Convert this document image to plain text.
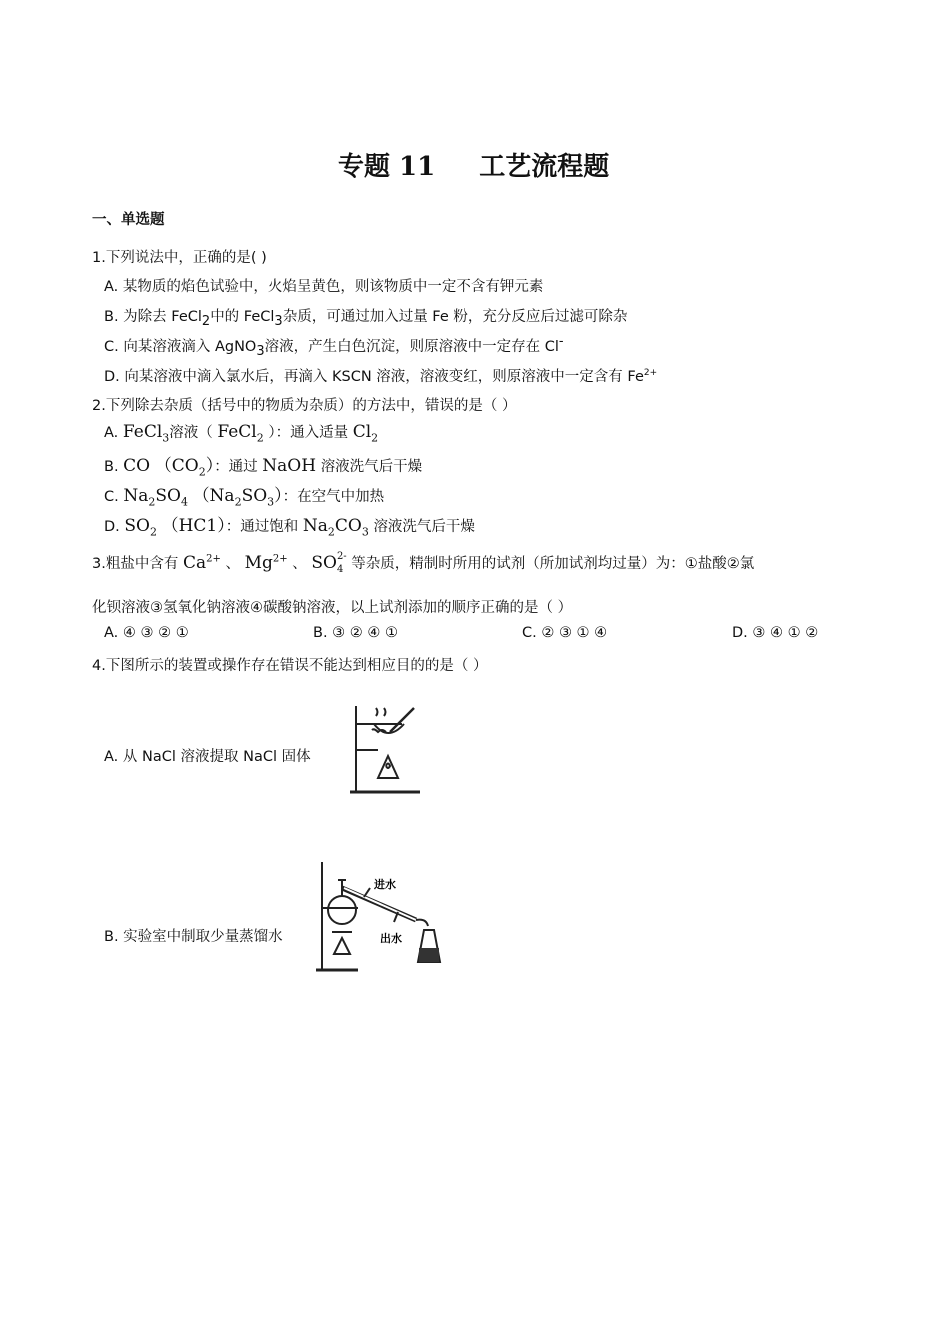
专题 11 工艺流程题
一、单选题
1.下列说法中，正确的是( )
A. 某物质的焰色试验中，火焰呈黄色，则该物质中一定不含有钾元素
B. 为除去 FeCl$_2$中的 FeCl$_3$杂质，可通过加入过量 Fe 粉，充分反应后过滤可除杂
C. 向某溶液滴入 AgNO$_3$溶液，产生白色沉淀，则原溶液中一定存在 Cl-
D. 向某溶液中滴入氯水后，再滴入 KSCN 溶液，溶液变红，则原溶液中一定含有 $Fe^{2+}$
2.下列除去杂质（括号中的物质为杂质）的方法中，错误的是（ ）
A. FeCl$_3$溶液（ FeCl$_2$ ）：通入适量 $Cl_2$
B. CO $(CO_2)$：通过 NaOH 溶液洗气后干燥
C. $Na_2SO_4$ $(Na_2SO_3)$：在空气中加热
D. $SO_2$ （HC1）：通过饱和 $Na_2CO_3$ 溶液洗气后干燥
3.粗盐中含有 $Ca^{2+}$ 、 $Mg^{2+}$ 、 SO 2-
4 等杂质，精制时所用的试剂（所加试剂均过量）为：①盐酸②氯
化钡溶液③氢氧化钠溶液④碳酸钠溶液，以上试剂添加的顺序正确的是（ ）
A. ④ ③ ② ①	B. ③ ② ④ ①	C. ② ③ ① ④	D. ③ ④ ① ②
4.下图所示的装置或操作存在错误不能达到相应目的的是（ ）
A. 从 NaCl 溶液提取 NaCl 固体
B. 实验室中制取少量蒸馏水
进水
出水
